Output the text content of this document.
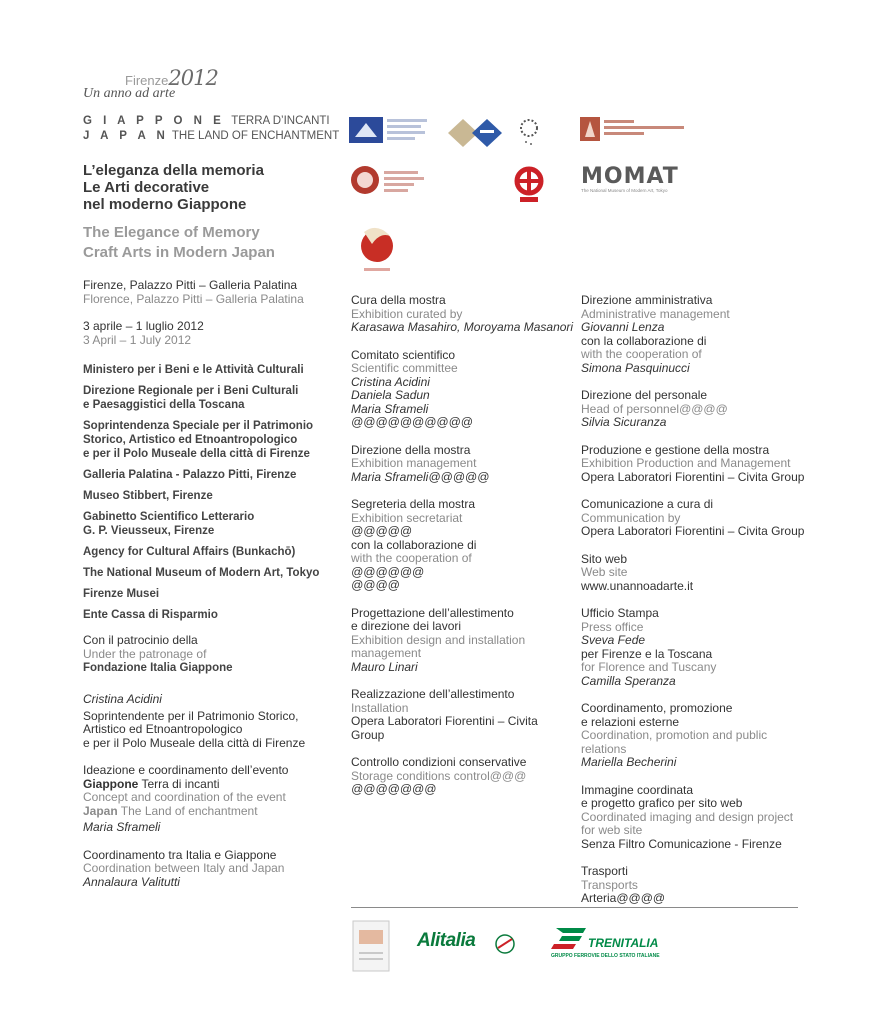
Firenze2012
Un anno ad arte
G I A P P O N E TERRA D’INCANTI
J A P A N THE LAND OF ENCHANTMENT
L’eleganza della memoria
Le Arti decorative
nel moderno Giappone
The Elegance of Memory
Craft Arts in Modern Japan

Firenze, Palazzo Pitti – Galleria Palatina

Florence, Palazzo Pitti – Galleria Palatina

3 aprile – 1 luglio 2012

3 April – 1 July 2012

Ministero per i Beni e le Attività Culturali

Direzione Regionale per i Beni Culturali

e Paesaggistici della Toscana

Soprintendenza Speciale per il Patrimonio

Storico, Artistico ed Etnoantropologico

e per il Polo Museale della città di Firenze

Galleria Palatina - Palazzo Pitti, Firenze

Museo Stibbert, Firenze

Gabinetto Scientifico Letterario

G. P. Vieusseux, Firenze

Agency for Cultural Affairs (Bunkachō)

The National Museum of Modern Art, Tokyo

Firenze Musei

Ente Cassa di Risparmio

Con il patrocinio della

Under the patronage of

Fondazione Italia Giappone

Cristina Acidini

Soprintendente per il Patrimonio Storico,

Artistico ed Etnoantropologico

e per il Polo Museale della città di Firenze

Ideazione e coordinamento dell’evento

Giappone Terra di incanti

Concept and coordination of the event

Japan The Land of enchantment

Maria Sframeli

Coordinamento tra Italia e Giappone

Coordination between Italy and Japan

Annalaura Valitutti

Cura della mostra

Exhibition curated by

Karasawa Masahiro, Moroyama Masanori

Comitato scientifico

Scientific committee

Cristina Acidini

Daniela Sadun

Maria Sframeli

@@@@@@@@@@

Direzione della mostra

Exhibition management

Maria Sframeli@@@@@

Segreteria della mostra

Exhibition secretariat

@@@@@

con la collaborazione di

with the cooperation of

@@@@@@

@@@@

Progettazione dell’allestimento

e direzione dei lavori

Exhibition design and installation

management

Mauro Linari

Realizzazione dell’allestimento

Installation

Opera Laboratori Fiorentini – Civita

Group

Controllo condizioni conservative

Storage conditions control@@@

@@@@@@@

Direzione amministrativa

Administrative management

Giovanni Lenza

con la collaborazione di

with the cooperation of

Simona Pasquinucci

Direzione del personale

Head of personnel@@@@

Silvia Sicuranza

Produzione e gestione della mostra

Exhibition Production and Management

Opera Laboratori Fiorentini – Civita Group

Comunicazione a cura di

Communication by

Opera Laboratori Fiorentini – Civita Group

Sito web

Web site

www.unannoadarte.it

Ufficio Stampa

Press office

Sveva Fede

per Firenze e la Toscana

for Florence and Tuscany

Camilla Speranza

Coordinamento, promozione

e relazioni esterne

Coordination, promotion and public relations

Mariella Becherini

Immagine coordinata

e progetto grafico per sito web

Coordinated imaging and design project

for web site

Senza Filtro Comunicazione - Firenze

Trasporti

Transports

Arteria@@@@

MOMAT
The National Museum of Modern Art, Tokyo
Alitalia	TRENITALIA
GRUPPO FERROVIE DELLO STATO ITALIANE
